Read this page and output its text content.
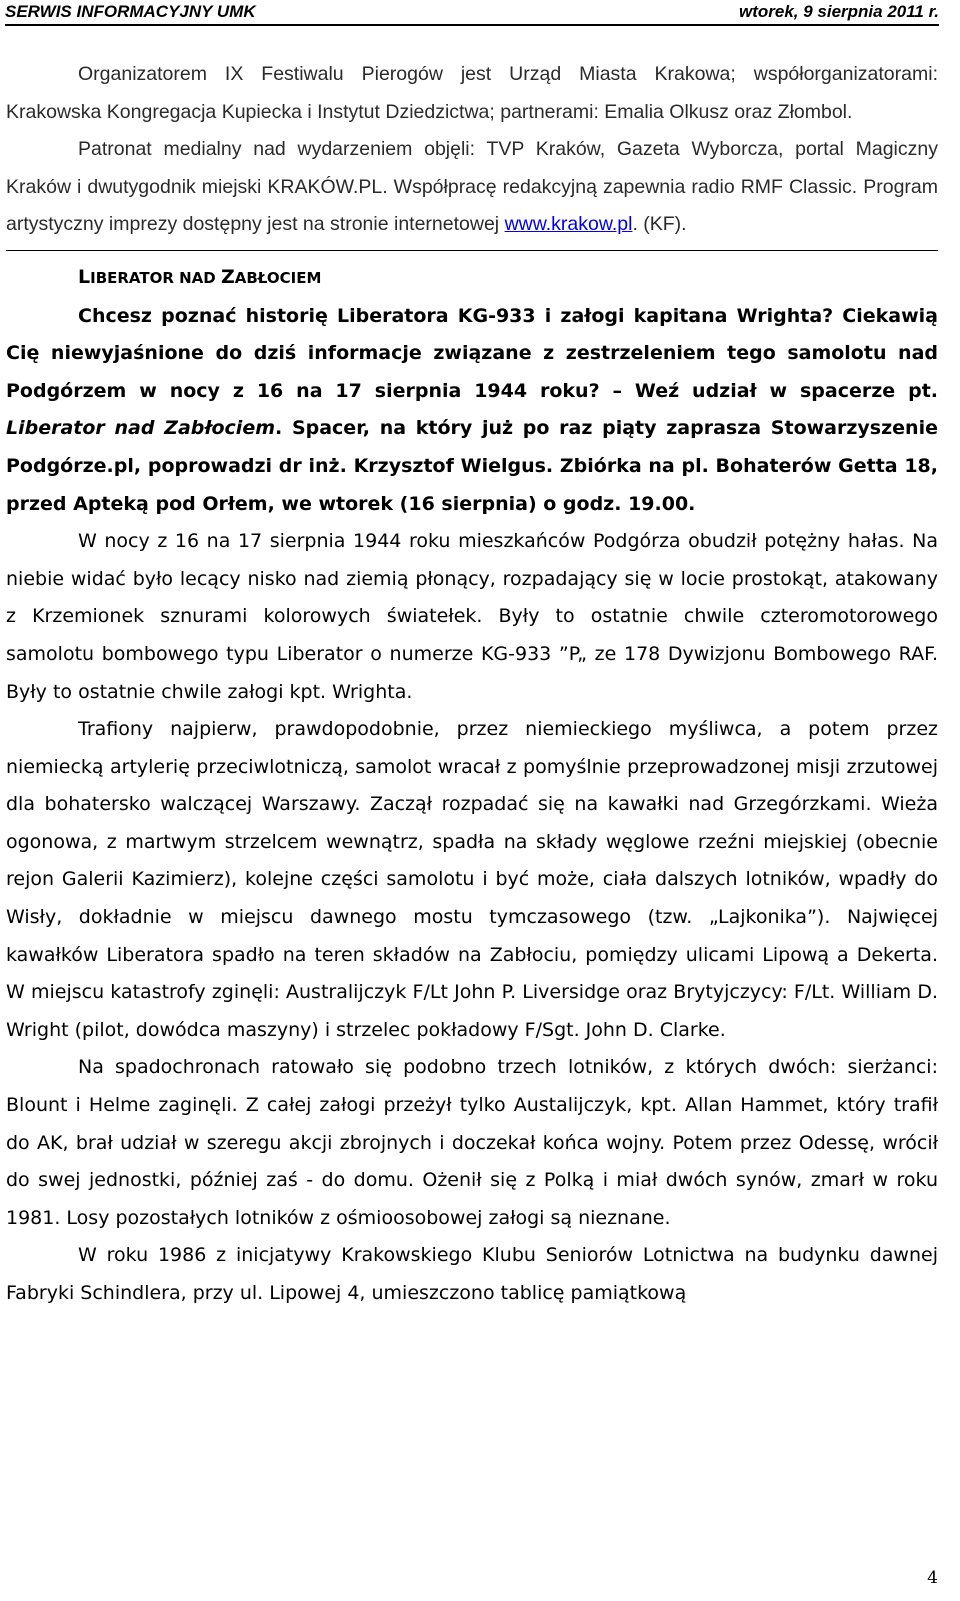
SERWIS INFORMACYJNY UMK	wtorek, 9 sierpnia 2011 r.

Organizatorem IX Festiwalu Pierogów jest Urząd Miasta Krakowa; współorganizatorami: Krakowska Kongregacja Kupiecka i Instytut Dziedzictwa; partnerami: Emalia Olkusz oraz Złombol.

Patronat medialny nad wydarzeniem objęli: TVP Kraków, Gazeta Wyborcza, portal Magiczny Kraków i dwutygodnik miejski KRAKÓW.PL. Współpracę redakcyjną zapewnia radio RMF Classic. Program artystyczny imprezy dostępny jest na stronie internetowej www.krakow.pl. (KF).

LIBERATOR NAD ZABŁOCIEM

Chcesz poznać historię Liberatora KG-933 i załogi kapitana Wrighta? Ciekawią Cię niewyjaśnione do dziś informacje związane z zestrzeleniem tego samolotu nad Podgórzem w nocy z 16 na 17 sierpnia 1944 roku? – Weź udział w spacerze pt. Liberator nad Zabłociem. Spacer, na który już po raz piąty zaprasza Stowarzyszenie Podgórze.pl, poprowadzi dr inż. Krzysztof Wielgus. Zbiórka na pl. Bohaterów Getta 18, przed Apteką pod Orłem, we wtorek (16 sierpnia) o godz. 19.00.

W nocy z 16 na 17 sierpnia 1944 roku mieszkańców Podgórza obudził potężny hałas. Na niebie widać było lecący nisko nad ziemią płonący, rozpadający się w locie prostokąt, atakowany z Krzemionek sznurami kolorowych światełek. Były to ostatnie chwile czteromotorowego samolotu bombowego typu Liberator o numerze KG-933 ”P„ ze 178 Dywizjonu Bombowego RAF. Były to ostatnie chwile załogi kpt. Wrighta.

Trafiony najpierw, prawdopodobnie, przez niemieckiego myśliwca, a potem przez niemiecką artylerię przeciwlotniczą, samolot wracał z pomyślnie przeprowadzonej misji zrzutowej dla bohatersko walczącej Warszawy. Zaczął rozpadać się na kawałki nad Grzegórzkami. Wieża ogonowa, z martwym strzelcem wewnątrz, spadła na składy węglowe rzeźni miejskiej (obecnie rejon Galerii Kazimierz), kolejne części samolotu i być może, ciała dalszych lotników, wpadły do Wisły, dokładnie w miejscu dawnego mostu tymczasowego (tzw. „Lajkonika”). Najwięcej kawałków Liberatora spadło na teren składów na Zabłociu, pomiędzy ulicami Lipową a Dekerta. W miejscu katastrofy zginęli: Australijczyk F/Lt John P. Liversidge oraz Brytyjczycy: F/Lt. William D. Wright (pilot, dowódca maszyny) i strzelec pokładowy F/Sgt. John D. Clarke.

Na spadochronach ratowało się podobno trzech lotników, z których dwóch: sierżanci: Blount i Helme zaginęli. Z całej załogi przeżył tylko Austalijczyk, kpt. Allan Hammet, który trafił do AK, brał udział w szeregu akcji zbrojnych i doczekał końca wojny. Potem przez Odessę, wrócił do swej jednostki, później zaś - do domu. Ożenił się z Polką i miał dwóch synów, zmarł w roku 1981. Losy pozostałych lotników z ośmioosobowej załogi są nieznane.

W roku 1986 z inicjatywy Krakowskiego Klubu Seniorów Lotnictwa na budynku dawnej Fabryki Schindlera, przy ul. Lipowej 4, umieszczono tablicę pamiątkową

4
